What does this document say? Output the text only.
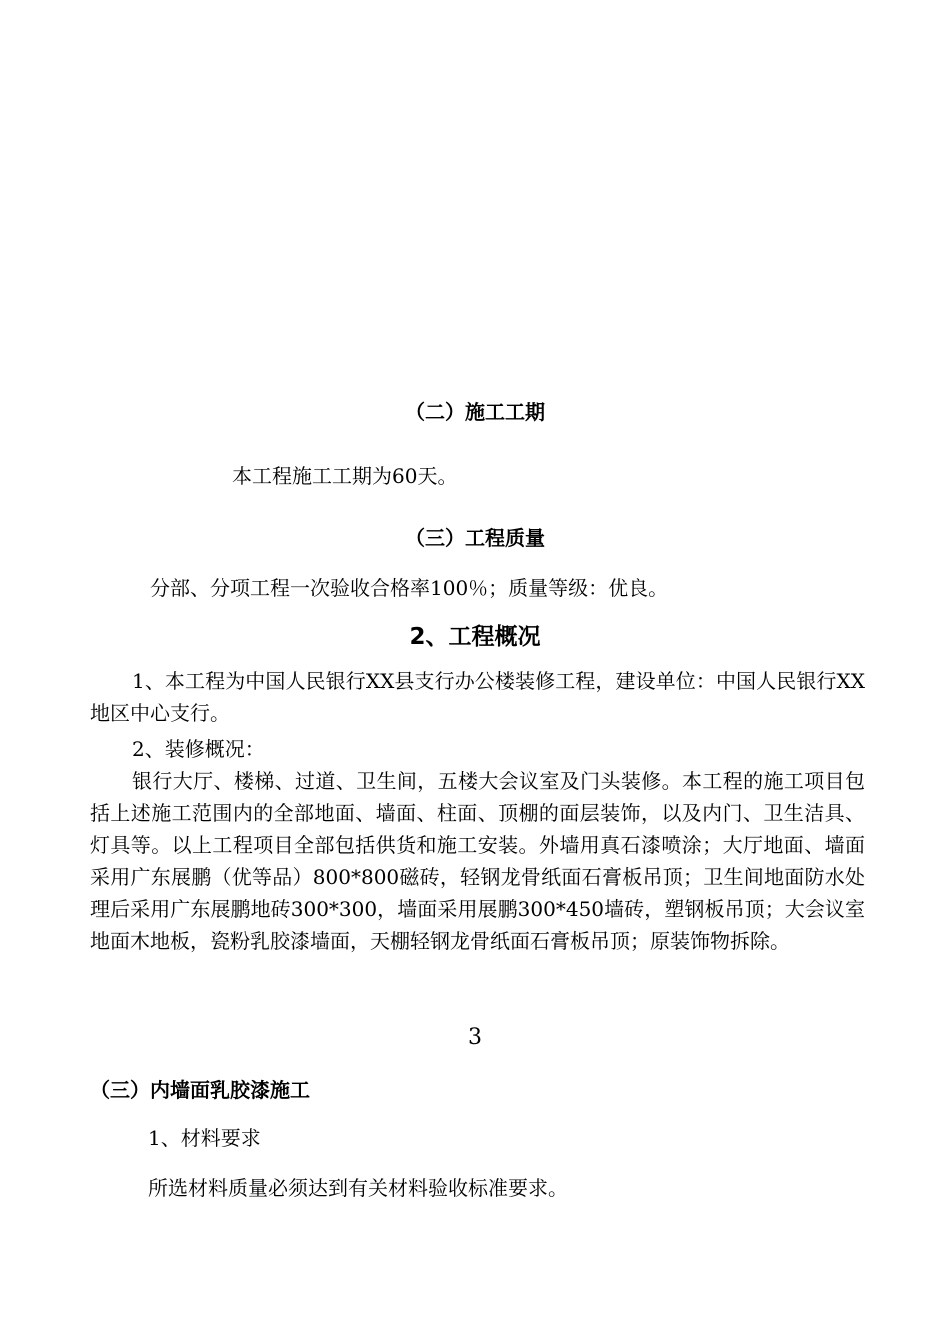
（二）施工工期

本工程施工工期为60天。

（三）工程质量

分部、分项工程一次验收合格率100％；质量等级：优良。

2、工程概况

1、本工程为中国人民银行XX县支行办公楼装修工程，建设单位：中国人民银行XX地区中心支行。

2、装修概况：

银行大厅、楼梯、过道、卫生间，五楼大会议室及门头装修。本工程的施工项目包括上述施工范围内的全部地面、墙面、柱面、顶棚的面层装饰，以及内门、卫生洁具、灯具等。以上工程项目全部包括供货和施工安装。外墙用真石漆喷涂；大厅地面、墙面采用广东展鹏（优等品）800*800磁砖，轻钢龙骨纸面石膏板吊顶；卫生间地面防水处理后采用广东展鹏地砖300*300，墙面采用展鹏300*450墙砖，塑钢板吊顶；大会议室地面木地板，瓷粉乳胶漆墙面，天棚轻钢龙骨纸面石膏板吊顶；原装饰物拆除。

3
（三）内墙面乳胶漆施工

1、材料要求

所选材料质量必须达到有关材料验收标准要求。
